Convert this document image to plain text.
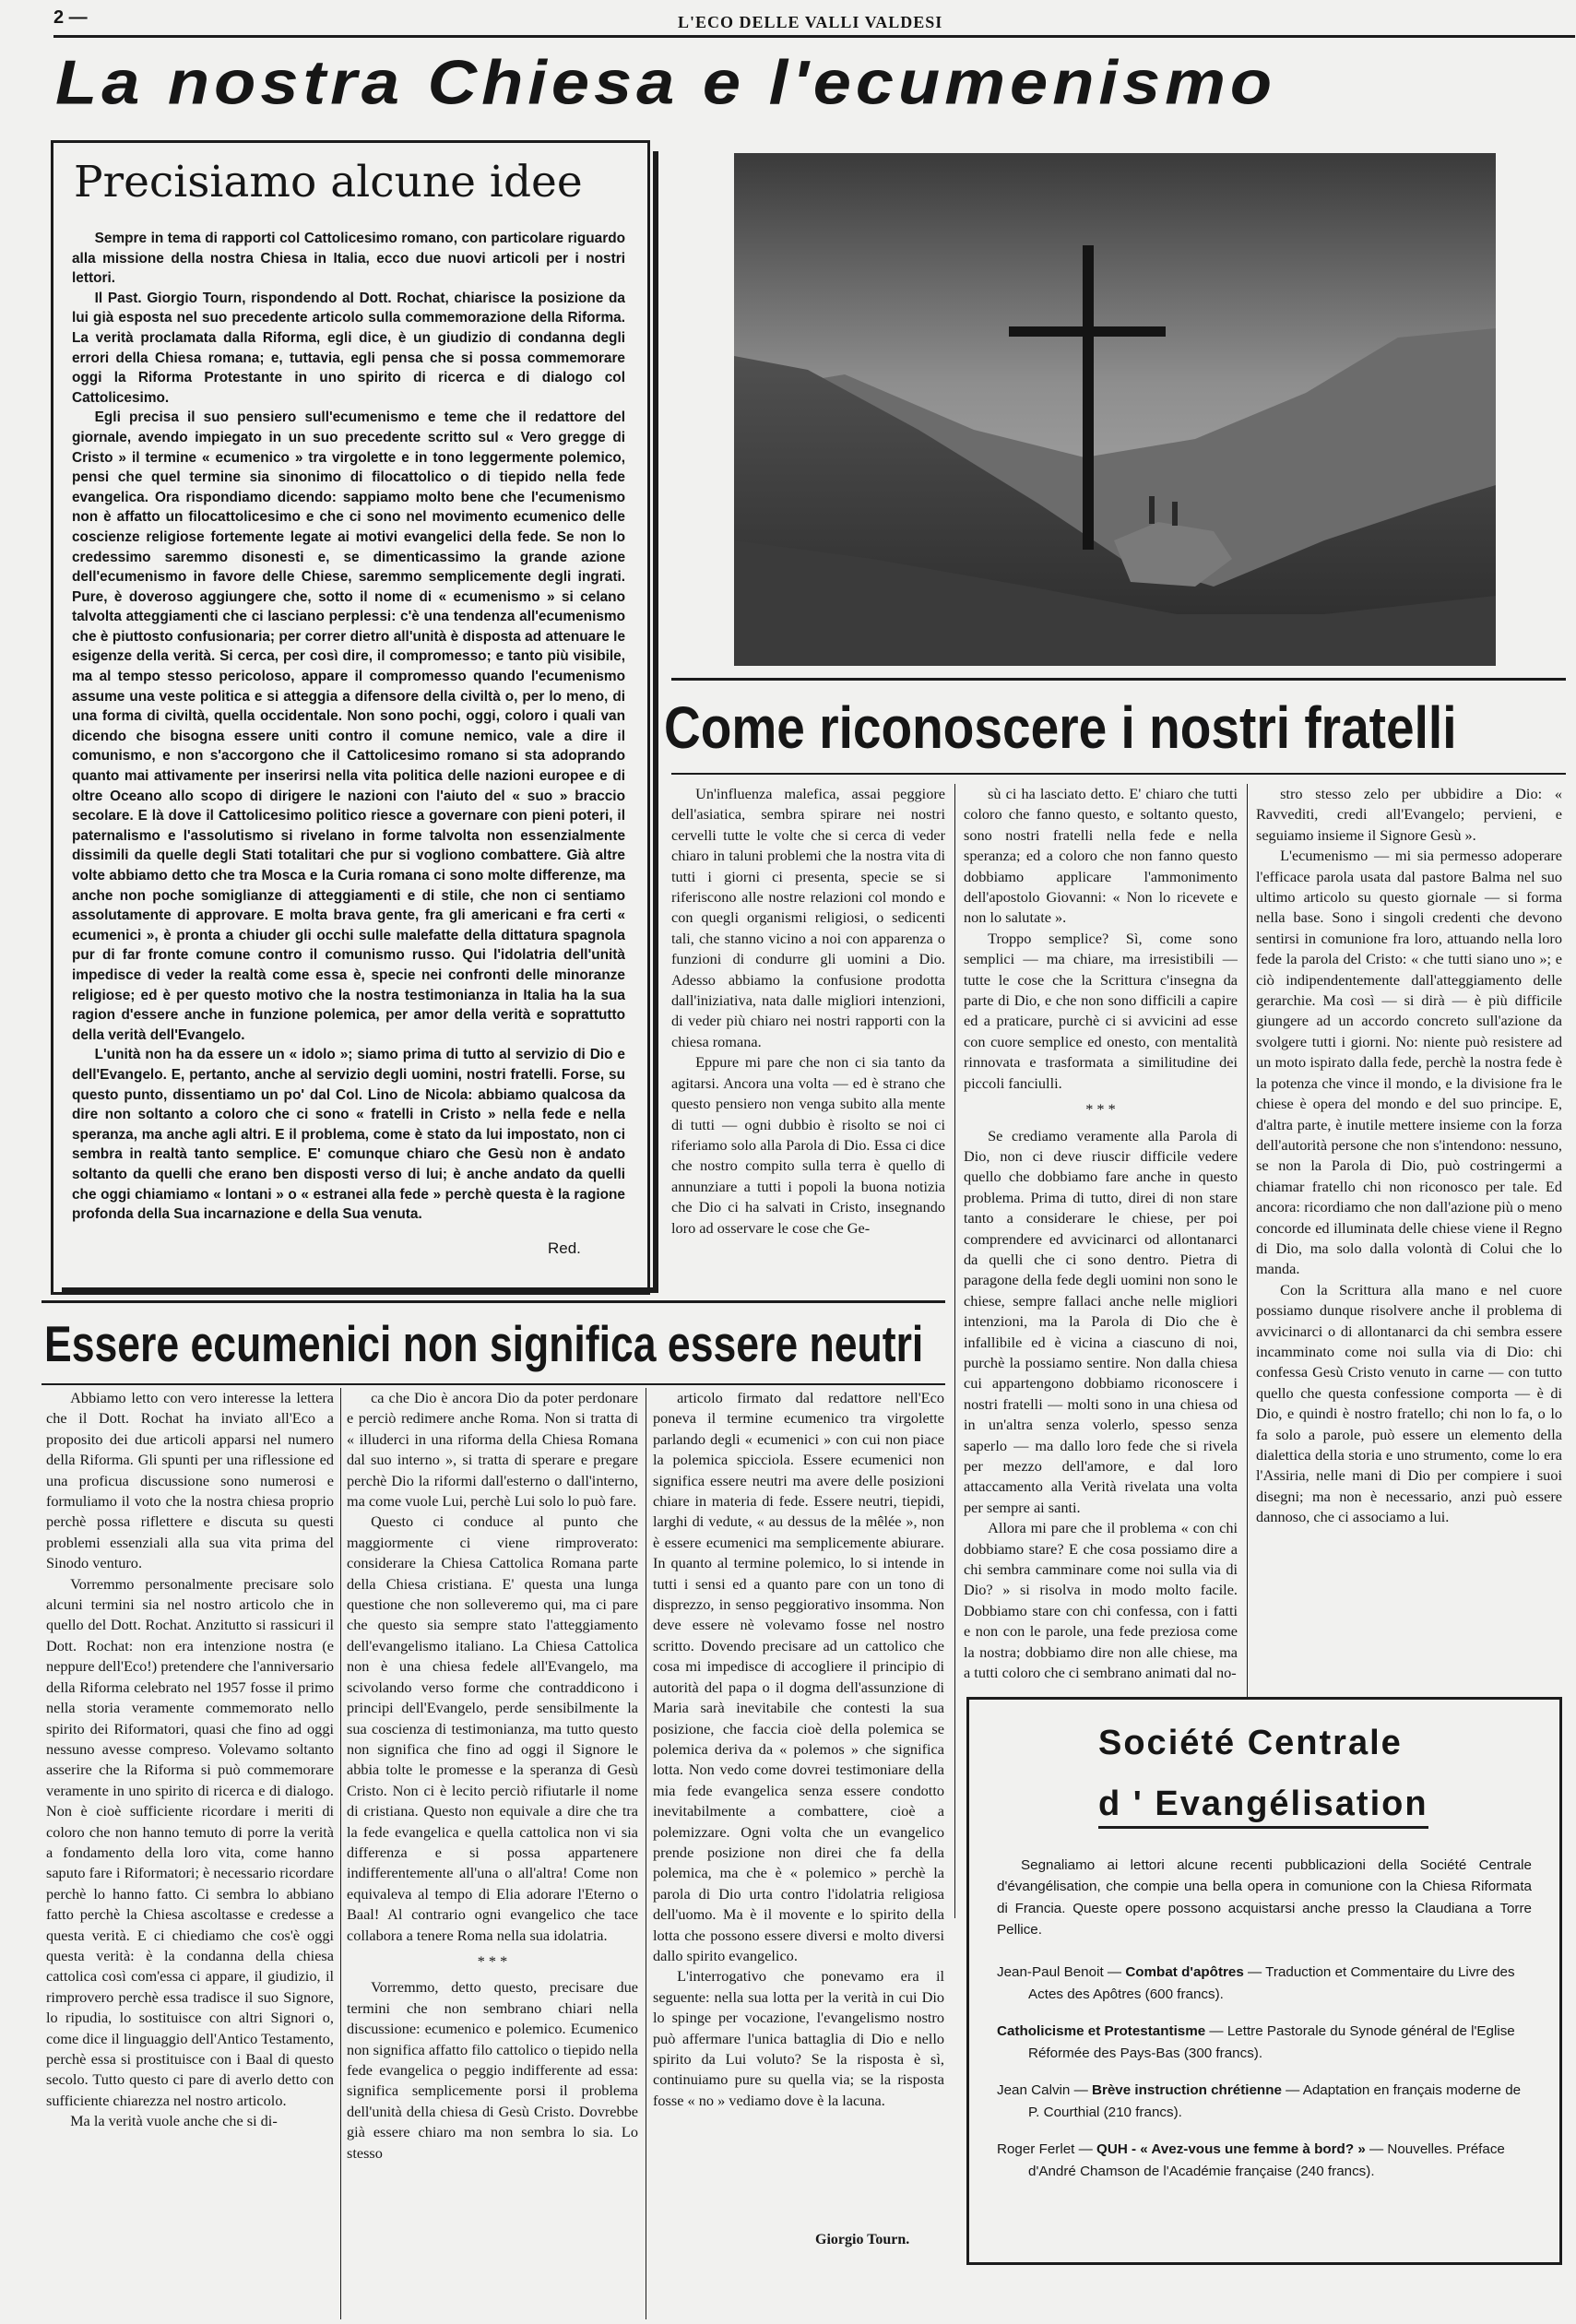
2 —	L'ECO DELLE VALLI VALDESI
La nostra Chiesa e l'ecumenismo
Precisiamo alcune idee

Sempre in tema di rapporti col Cattolicesimo romano, con particolare riguardo alla missione della nostra Chiesa in Italia, ecco due nuovi articoli per i nostri lettori.

Il Past. Giorgio Tourn, rispondendo al Dott. Rochat, chiarisce la posizione da lui già esposta nel suo precedente articolo sulla commemorazione della Riforma. La verità proclamata dalla Riforma, egli dice, è un giudizio di condanna degli errori della Chiesa romana; e, tuttavia, egli pensa che si possa commemorare oggi la Riforma Protestante in uno spirito di ricerca e di dialogo col Cattolicesimo.

Egli precisa il suo pensiero sull'ecumenismo e teme che il redattore del giornale, avendo impiegato in un suo precedente scritto sul « Vero gregge di Cristo » il termine « ecumenico » tra virgolette e in tono leggermente polemico, pensi che quel termine sia sinonimo di filocattolico o di tiepido nella fede evangelica. Ora rispondiamo dicendo: sappiamo molto bene che l'ecumenismo non è affatto un filocattolicesimo e che ci sono nel movimento ecumenico delle coscienze religiose fortemente legate ai motivi evangelici della fede. Se non lo credessimo saremmo disonesti e, se dimenticassimo la grande azione dell'ecumenismo in favore delle Chiese, saremmo semplicemente degli ingrati. Pure, è doveroso aggiungere che, sotto il nome di « ecumenismo » si celano talvolta atteggiamenti che ci lasciano perplessi: c'è una tendenza all'ecumenismo che è piuttosto confusionaria; per correr dietro all'unità è disposta ad attenuare le esigenze della verità. Si cerca, per così dire, il compromesso; e tanto più visibile, ma al tempo stesso pericoloso, appare il compromesso quando l'ecumenismo assume una veste politica e si atteggia a difensore della civiltà o, per lo meno, di una forma di civiltà, quella occidentale. Non sono pochi, oggi, coloro i quali van dicendo che bisogna essere uniti contro il comune nemico, vale a dire il comunismo, e non s'accorgono che il Cattolicesimo romano si sta adoprando quanto mai attivamente per inserirsi nella vita politica delle nazioni europee e di oltre Oceano allo scopo di dirigere le nazioni con l'aiuto del « suo » braccio secolare. E là dove il Cattolicesimo politico riesce a governare con pieni poteri, il paternalismo e l'assolutismo si rivelano in forme talvolta non essenzialmente dissimili da quelle degli Stati totalitari che pur si vogliono combattere. Già altre volte abbiamo detto che tra Mosca e la Curia romana ci sono molte differenze, ma anche non poche somiglianze di atteggiamenti e di stile, che non ci sentiamo assolutamente di approvare. E molta brava gente, fra gli americani e fra certi « ecumenici », è pronta a chiuder gli occhi sulle malefatte della dittatura spagnola pur di far fronte comune contro il comunismo russo. Qui l'idolatria dell'unità impedisce di veder la realtà come essa è, specie nei confronti delle minoranze religiose; ed è per questo motivo che la nostra testimonianza in Italia ha la sua ragion d'essere anche in funzione polemica, per amor della verità e soprattutto della verità dell'Evangelo.

L'unità non ha da essere un « idolo »; siamo prima di tutto al servizio di Dio e dell'Evangelo. E, pertanto, anche al servizio degli uomini, nostri fratelli. Forse, su questo punto, dissentiamo un po' dal Col. Lino de Nicola: abbiamo qualcosa da dire non soltanto a coloro che ci sono « fratelli in Cristo » nella fede e nella speranza, ma anche agli altri. E il problema, come è stato da lui impostato, non ci sembra in realtà tanto semplice. E' comunque chiaro che Gesù non è andato soltanto da quelli che erano ben disposti verso di lui; è anche andato da quelli che oggi chiamiamo « lontani » o « estranei alla fede » perchè questa è la ragione profonda della Sua incarnazione e della Sua venuta.

Red.
Come riconoscere i nostri fratelli

Un'influenza malefica, assai peggiore dell'asiatica, sembra spirare nei nostri cervelli tutte le volte che si cerca di veder chiaro in taluni problemi che la nostra vita di tutti i giorni ci presenta, specie se si riferiscono alle nostre relazioni col mondo e con quegli organismi religiosi, o sedicenti tali, che stanno vicino a noi con apparenza o funzioni di condurre gli uomini a Dio. Adesso abbiamo la confusione prodotta dall'iniziativa, nata dalle migliori intenzioni, di veder più chiaro nei nostri rapporti con la chiesa romana.

Eppure mi pare che non ci sia tanto da agitarsi. Ancora una volta — ed è strano che questo pensiero non venga subito alla mente di tutti — ogni dubbio è risolto se noi ci riferiamo solo alla Parola di Dio. Essa ci dice che nostro compito sulla terra è quello di annunziare a tutti i popoli la buona notizia che Dio ci ha salvati in Cristo, insegnando loro ad osservare le cose che Ge-

sù ci ha lasciato detto. E' chiaro che tutti coloro che fanno questo, e soltanto questo, sono nostri fratelli nella fede e nella speranza; ed a coloro che non fanno questo dobbiamo applicare l'ammonimento dell'apostolo Giovanni: « Non lo ricevete e non lo salutate ».

Troppo semplice? Sì, come sono semplici — ma chiare, ma irresistibili — tutte le cose che la Scrittura c'insegna da parte di Dio, e che non sono difficili a capire ed a praticare, purchè ci si avvicini ad esse con cuore semplice ed onesto, con mentalità rinnovata e trasformata a similitudine dei piccoli fanciulli.

* * *

Se crediamo veramente alla Parola di Dio, non ci deve riuscir difficile vedere quello che dobbiamo fare anche in questo problema. Prima di tutto, direi di non stare tanto a considerare le chiese, per poi comprendere ed avvicinarci od allontanarci da quelli che ci sono dentro. Pietra di paragone della fede degli uomini non sono le chiese, sempre fallaci anche nelle migliori intenzioni, ma la Parola di Dio che è infallibile ed è vicina a ciascuno di noi, purchè la possiamo sentire. Non dalla chiesa cui appartengono dobbiamo riconoscere i nostri fratelli — molti sono in una chiesa od in un'altra senza volerlo, spesso senza saperlo — ma dallo loro fede che si rivela per mezzo dell'amore, e dal loro attaccamento alla Verità rivelata una volta per sempre ai santi.

Allora mi pare che il problema « con chi dobbiamo stare? E che cosa possiamo dire a chi sembra camminare come noi sulla via di Dio? » si risolva in modo molto facile. Dobbiamo stare con chi confessa, con i fatti e non con le parole, una fede preziosa come la nostra; dobbiamo dire non alle chiese, ma a tutti coloro che ci sembrano animati dal no-

stro stesso zelo per ubbidire a Dio: « Ravvediti, credi all'Evangelo; pervieni, e seguiamo insieme il Signore Gesù ».

L'ecumenismo — mi sia permesso adoperare l'efficace parola usata dal pastore Balma nel suo ultimo articolo su questo giornale — si forma nella base. Sono i singoli credenti che devono sentirsi in comunione fra loro, attuando nella loro fede la parola del Cristo: « che tutti siano uno »; e ciò indipendentemente dall'atteggiamento delle gerarchie. Ma così — si dirà — è più difficile giungere ad un accordo concreto sull'azione da svolgere tutti i giorni. No: niente può resistere ad un moto ispirato dalla fede, perchè la nostra fede è la potenza che vince il mondo, e la divisione fra le chiese è opera del mondo e del suo principe. E, d'altra parte, è inutile mettere insieme con la forza dell'autorità persone che non s'intendono: nessuno, se non la Parola di Dio, può costringermi a chiamar fratello chi non riconosco per tale. Ed ancora: ricordiamo che non dall'azione più o meno concorde ed illuminata delle chiese viene il Regno di Dio, ma solo dalla volontà di Colui che lo manda.

Con la Scrittura alla mano e nel cuore possiamo dunque risolvere anche il problema di avvicinarci o di allontanarci da chi sembra essere incamminato come noi sulla via di Dio: chi confessa Gesù Cristo venuto in carne — con tutto quello che questa confessione comporta — è di Dio, e quindi è nostro fratello; chi non lo fa, o lo fa solo a parole, può essere un elemento della dialettica della storia e uno strumento, come lo era l'Assiria, nelle mani di Dio per compiere i suoi disegni; ma non è necessario, anzi può essere dannoso, che ci associamo a lui.

Essere ecumenici non significa essere neutri

Abbiamo letto con vero interesse la lettera che il Dott. Rochat ha inviato all'Eco a proposito dei due articoli apparsi nel numero della Riforma. Gli spunti per una riflessione ed una proficua discussione sono numerosi e formuliamo il voto che la nostra chiesa proprio perchè possa riflettere e discuta su questi problemi essenziali alla sua vita prima del Sinodo venturo.

Vorremmo personalmente precisare solo alcuni termini sia nel nostro articolo che in quello del Dott. Rochat. Anzitutto si rassicuri il Dott. Rochat: non era intenzione nostra (e neppure dell'Eco!) pretendere che l'anniversario della Riforma celebrato nel 1957 fosse il primo nella storia veramente commemorato nello spirito dei Riformatori, quasi che fino ad oggi nessuno avesse compreso. Volevamo soltanto asserire che la Riforma si può commemorare veramente in uno spirito di ricerca e di dialogo. Non è cioè sufficiente ricordare i meriti di coloro che non hanno temuto di porre la verità a fondamento della loro vita, come hanno saputo fare i Riformatori; è necessario ricordare perchè lo hanno fatto. Ci sembra lo abbiano fatto perchè la Chiesa ascoltasse e credesse a questa verità. E ci chiediamo che cos'è oggi questa verità: è la condanna della chiesa cattolica così com'essa ci appare, il giudizio, il rimprovero perchè essa tradisce il suo Signore, lo ripudia, lo sostituisce con altri Signori o, come dice il linguaggio dell'Antico Testamento, perchè essa si prostituisce con i Baal di questo secolo. Tutto questo ci pare di averlo detto con sufficiente chiarezza nel nostro articolo.

Ma la verità vuole anche che si di-

ca che Dio è ancora Dio da poter perdonare e perciò redimere anche Roma. Non si tratta di « illuderci in una riforma della Chiesa Romana dal suo interno », si tratta di sperare e pregare perchè Dio la riformi dall'esterno o dall'interno, ma come vuole Lui, perchè Lui solo lo può fare.

Questo ci conduce al punto che maggiormente ci viene rimproverato: considerare la Chiesa Cattolica Romana parte della Chiesa cristiana. E' questa una lunga questione che non solleveremo qui, ma ci pare che questo sia sempre stato l'atteggiamento dell'evangelismo italiano. La Chiesa Cattolica non è una chiesa fedele all'Evangelo, ma scivolando verso forme che contraddicono i principi dell'Evangelo, perde sensibilmente la sua coscienza di testimonianza, ma tutto questo non significa che fino ad oggi il Signore le abbia tolte le promesse e la speranza di Gesù Cristo. Non ci è lecito perciò rifiutarle il nome di cristiana. Questo non equivale a dire che tra la fede evangelica e quella cattolica non vi sia differenza e si possa appartenere indifferentemente all'una o all'altra! Come non equivaleva al tempo di Elia adorare l'Eterno o Baal! Al contrario ogni evangelico che tace collabora a tenere Roma nella sua idolatria.

* * *

Vorremmo, detto questo, precisare due termini che non sembrano chiari nella discussione: ecumenico e polemico. Ecumenico non significa affatto filo cattolico o tiepido nella fede evangelica o peggio indifferente ad essa: significa semplicemente porsi il problema dell'unità della chiesa di Gesù Cristo. Dovrebbe già essere chiaro ma non sembra lo sia. Lo stesso

articolo firmato dal redattore nell'Eco poneva il termine ecumenico tra virgolette parlando degli « ecumenici » con cui non piace la polemica spicciola. Essere ecumenici non significa essere neutri ma avere delle posizioni chiare in materia di fede. Essere neutri, tiepidi, larghi di vedute, « au dessus de la mêlée », non è essere ecumenici ma semplicemente abiurare. In quanto al termine polemico, lo si intende in tutti i sensi ed a quanto pare con un tono di disprezzo, in senso peggiorativo insomma. Non deve essere nè volevamo fosse nel nostro scritto. Dovendo precisare ad un cattolico che cosa mi impedisce di accogliere il principio di autorità del papa o il dogma dell'assunzione di Maria sarà inevitabile che contesti la sua posizione, che faccia cioè della polemica se polemica deriva da « polemos » che significa lotta. Non vedo come dovrei testimoniare della mia fede evangelica senza essere condotto inevitabilmente a combattere, cioè a polemizzare. Ogni volta che un evangelico prende posizione non direi che fa della polemica, ma che è « polemico » perchè la parola di Dio urta contro l'idolatria religiosa dell'uomo. Ma è il movente e lo spirito della lotta che possono essere diversi e molto diversi dallo spirito evangelico.

L'interrogativo che ponevamo era il seguente: nella sua lotta per la verità in cui Dio lo spinge per vocazione, l'evangelismo nostro può affermare l'unica battaglia di Dio e nello spirito da Lui voluto? Se la risposta è sì, continuiamo pure su quella via; se la risposta fosse « no » vediamo dove è la lacuna.

Giorgio Tourn.
Société Centrale
d ' Evangélisation

Segnaliamo ai lettori alcune recenti pubblicazioni della Société Centrale d'évangélisation, che compie una bella opera in comunione con la Chiesa Riformata di Francia. Queste opere possono acquistarsi anche presso la Claudiana a Torre Pellice.

Jean-Paul Benoit — Combat d'apôtres — Traduction et Commentaire du Livre des Actes des Apôtres (600 francs).

Catholicisme et Protestantisme — Lettre Pastorale du Synode général de l'Eglise Réformée des Pays-Bas (300 francs).

Jean Calvin — Brève instruction chrétienne — Adaptation en français moderne de P. Courthial (210 francs).

Roger Ferlet — QUH - « Avez-vous une femme à bord? » — Nouvelles. Préface d'André Chamson de l'Académie française (240 francs).
